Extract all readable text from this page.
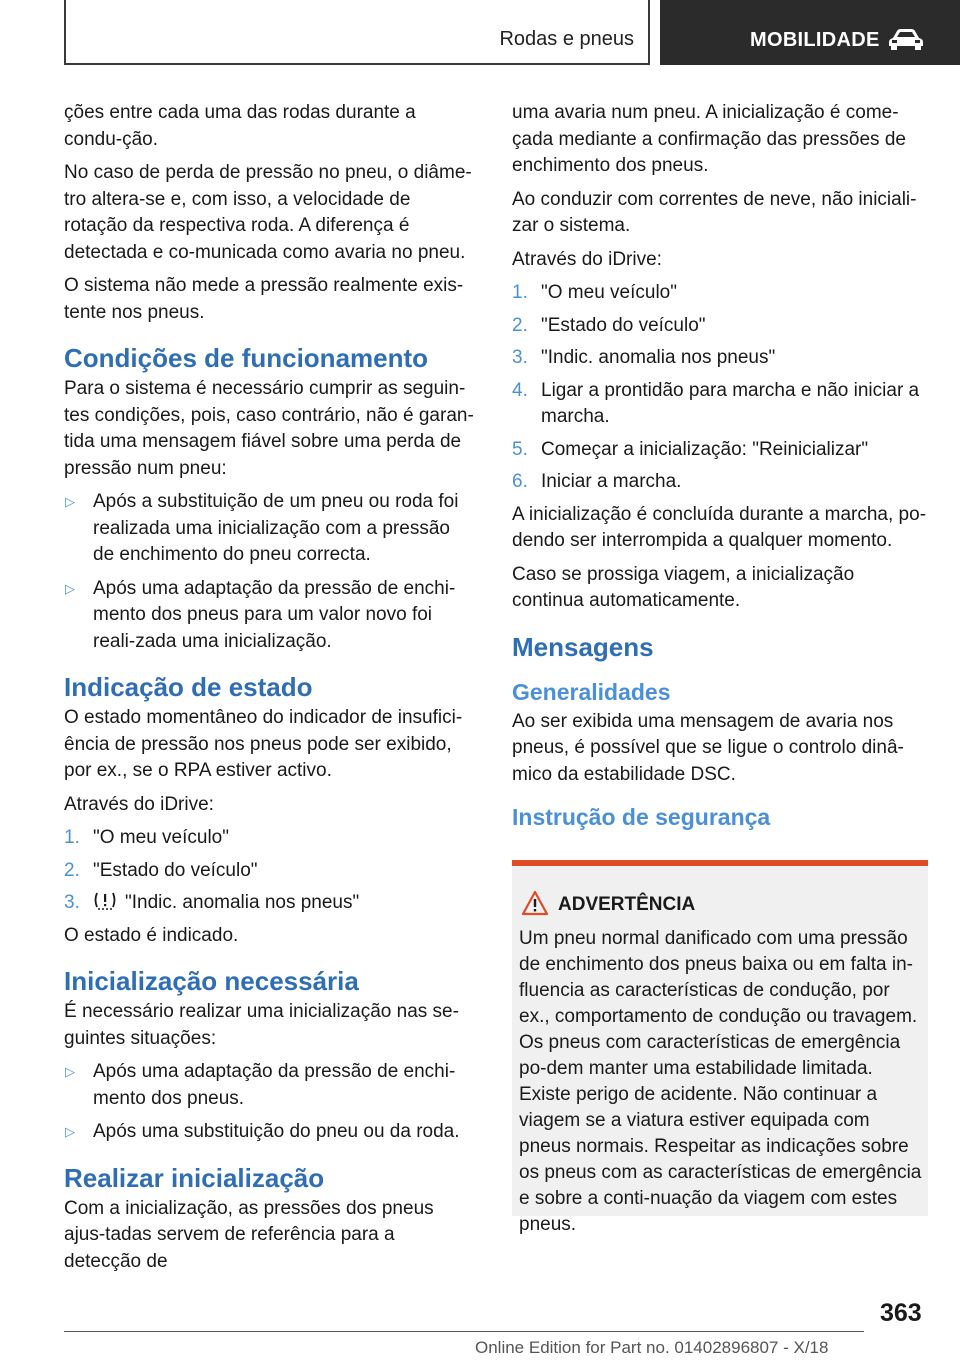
Rodas e pneus	MOBILIDADE

ções entre cada uma das rodas durante a condu-ção.

No caso de perda de pressão no pneu, o diâme-tro altera-se e, com isso, a velocidade de rotação da respectiva roda. A diferença é detectada e co-municada como avaria no pneu.

O sistema não mede a pressão realmente exis-tente nos pneus.

Condições de funcionamento

Para o sistema é necessário cumprir as seguin-tes condições, pois, caso contrário, não é garan-tida uma mensagem fiável sobre uma perda de pressão num pneu:

▷ Após a substituição de um pneu ou roda foi realizada uma inicialização com a pressão de enchimento do pneu correcta.
▷ Após uma adaptação da pressão de enchi-mento dos pneus para um valor novo foi reali-zada uma inicialização.
Indicação de estado

O estado momentâneo do indicador de insufici-ência de pressão nos pneus pode ser exibido, por ex., se o RPA estiver activo.

Através do iDrive:

1. "O meu veículo"
2. "Estado do veículo"
3. "Indic. anomalia nos pneus"

O estado é indicado.

Inicialização necessária

É necessário realizar uma inicialização nas se-guintes situações:

▷ Após uma adaptação da pressão de enchi-mento dos pneus.
▷ Após uma substituição do pneu ou da roda.
Realizar inicialização

Com a inicialização, as pressões dos pneus ajus-tadas servem de referência para a detecção de

uma avaria num pneu. A inicialização é come-çada mediante a confirmação das pressões de enchimento dos pneus.

Ao conduzir com correntes de neve, não iniciali-zar o sistema.

Através do iDrive:

1. "O meu veículo"
2. "Estado do veículo"
3. "Indic. anomalia nos pneus"
4. Ligar a prontidão para marcha e não iniciar a marcha.
5. Começar a inicialização: "Reinicializar"
6. Iniciar a marcha.

A inicialização é concluída durante a marcha, po-dendo ser interrompida a qualquer momento.

Caso se prossiga viagem, a inicialização continua automaticamente.

Mensagens
Generalidades

Ao ser exibida uma mensagem de avaria nos pneus, é possível que se ligue o controlo dinâ-mico da estabilidade DSC.

Instrução de segurança
ADVERTÊNCIA
Um pneu normal danificado com uma pressão de enchimento dos pneus baixa ou em falta in-fluencia as características de condução, por ex., comportamento de condução ou travagem. Os pneus com características de emergência po-dem manter uma estabilidade limitada. Existe perigo de acidente. Não continuar a viagem se a viatura estiver equipada com pneus normais. Respeitar as indicações sobre os pneus com as características de emergência e sobre a conti-nuação da viagem com estes pneus.
363
Online Edition for Part no. 01402896807 - X/18
